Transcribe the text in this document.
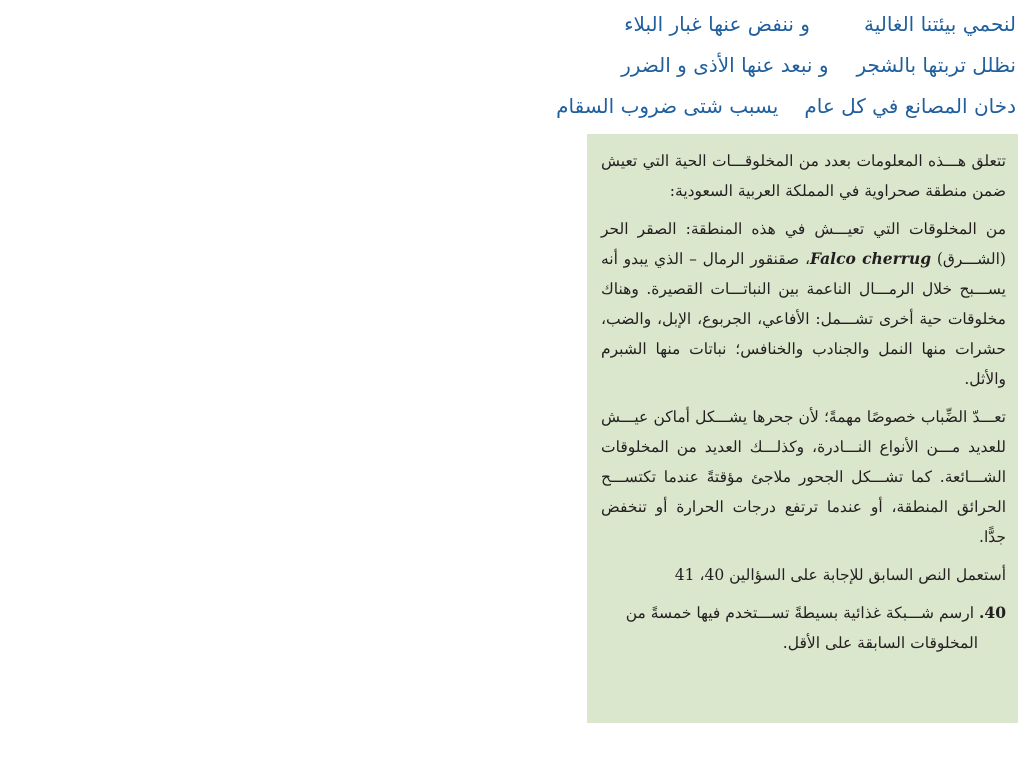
لنحمي بيئتنا الغالية
و ننفض عنها غبار البلاء
نظلل تربتها بالشجر
و نبعد عنها الأذى و الضرر
دخان المصانع في كل عام
يسبب شتى ضروب السقام

تتعلق هـــذه المعلومات بعدد من المخلوقـــات الحية التي تعيش ضمن منطقة صحراوية في المملكة العربية السعودية:

من المخلوقات التي تعيـــش في هذه المنطقة: الصقر الحر (الشـــرق) Falco cherrug، صقنقور الرمال – الذي يبدو أنه يســـبح خلال الرمـــال الناعمة بين النباتـــات القصيرة. وهناك مخلوقات حية أخرى تشـــمل: الأفاعي، الجربوع، الإبل، والضب، حشرات منها النمل والجنادب والخنافس؛ نباتات منها الشبرم والأثل.

تعـــدّ الضِّباب خصوصًا مهمةً؛ لأن جحرها يشـــكل أماكن عيـــش للعديد مـــن الأنواع النـــادرة، وكذلـــك العديد من المخلوقات الشـــائعة. كما تشـــكل الجحور ملاجئ مؤقتةً عندما تكتســـح الحرائق المنطقة، أو عندما ترتفع درجات الحرارة أو تنخفض جدًّا.

أستعمل النص السابق للإجابة على السؤالين 40، 41

40. ارسم شـــبكة غذائية بسيطةً تســـتخدم فيها خمسةً من
المخلوقات السابقة على الأقل.
